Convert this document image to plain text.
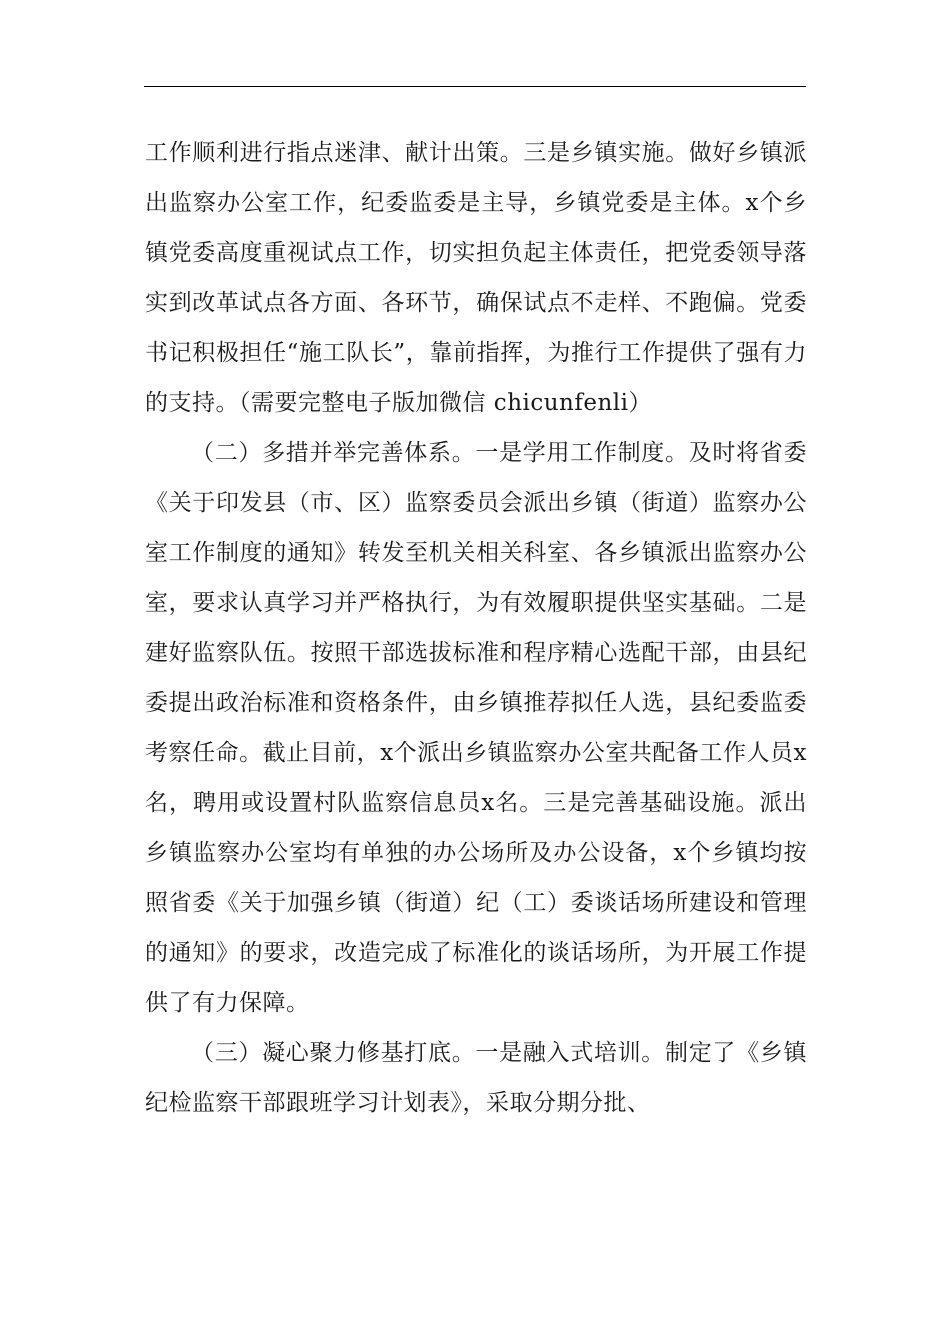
工作顺利进行指点迷津、献计出策。三是乡镇实施。做好乡镇派出监察办公室工作，纪委监委是主导，乡镇党委是主体。x个乡镇党委高度重视试点工作，切实担负起主体责任，把党委领导落实到改革试点各方面、各环节，确保试点不走样、不跑偏。党委书记积极担任“施工队长”，靠前指挥，为推行工作提供了强有力的支持。（需要完整电子版加微信 chicunfenli）

（二）多措并举完善体系。一是学用工作制度。及时将省委《关于印发县（市、区）监察委员会派出乡镇（街道）监察办公室工作制度的通知》转发至机关相关科室、各乡镇派出监察办公室，要求认真学习并严格执行，为有效履职提供坚实基础。二是建好监察队伍。按照干部选拔标准和程序精心选配干部，由县纪委提出政治标准和资格条件，由乡镇推荐拟任人选，县纪委监委考察任命。截止目前，x个派出乡镇监察办公室共配备工作人员x名，聘用或设置村队监察信息员x名。三是完善基础设施。派出乡镇监察办公室均有单独的办公场所及办公设备，x个乡镇均按照省委《关于加强乡镇（街道）纪（工）委谈话场所建设和管理的通知》的要求，改造完成了标准化的谈话场所，为开展工作提供了有力保障。

（三）凝心聚力修基打底。一是融入式培训。制定了《乡镇纪检监察干部跟班学习计划表》，采取分期分批、
